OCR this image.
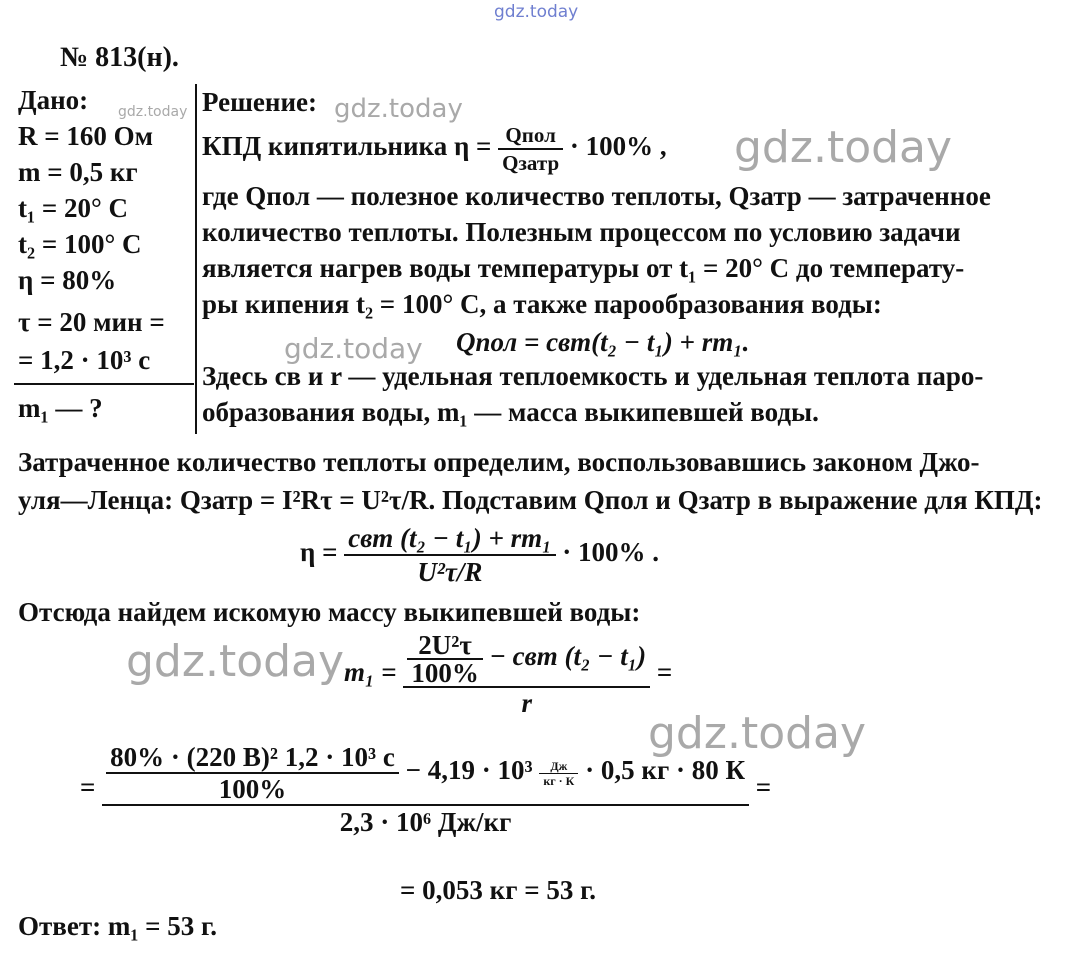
gdz.today
gdz.today	gdz.today
gdz.today
gdz.today
gdz.today
gdz.today
№ 813(н).
Дано:
R = 160 Ом
m = 0,5 кг
t₁ = 20° С
t₂ = 100° С
η = 80%
τ = 20 мин =
= 1,2 · 10³ с
m₁ — ?
Решение:
КПД кипятильника $\eta = \frac{\text{Qпол}}{\text{Qзатр}} \cdot 100\%$ ,
где Qпол — полезное количество теплоты, Qзатр — затраченное
количество теплоты. Полезным процессом по условию задачи
является нагрев воды температуры от t₁ = 20° С до температу-
ры кипения t₂ = 100° С, а также парообразования воды:
Qпол = cвm(t₂ − t₁) + rm₁.
Здесь cв и r — удельная теплоемкость и удельная теплота паро-
образования воды, m₁ — масса выкипевшей воды.
Затраченное количество теплоты определим, воспользовавшись законом Джо-
уля—Ленца: Qзатр = I²Rτ = U²τ/R. Подставим Qпол и Qзатр в выражение для КПД:
$\eta = \frac{\text{cвm (t₂ − t₁) + rm₁}}{\text{U²τ/R}} \cdot 100\%$ .
Отсюда найдем искомую массу выкипевшей воды:
$m_1 = \frac{\frac{\text{2U²τ}}{100\%} - cвm (t_2 - t_1)}{r}$ =
= $\frac{\text{80\% · (220 В)² 1,2 · 10³ с}}{100\%} - 4,19 \cdot 10^3 \frac{Дж}{кг \cdot К} \cdot 0,5$ кг · 80 К
2,3 · 10⁶ Дж/кг
=
= 0,053 кг = 53 г.
Ответ: m₁ = 53 г.
